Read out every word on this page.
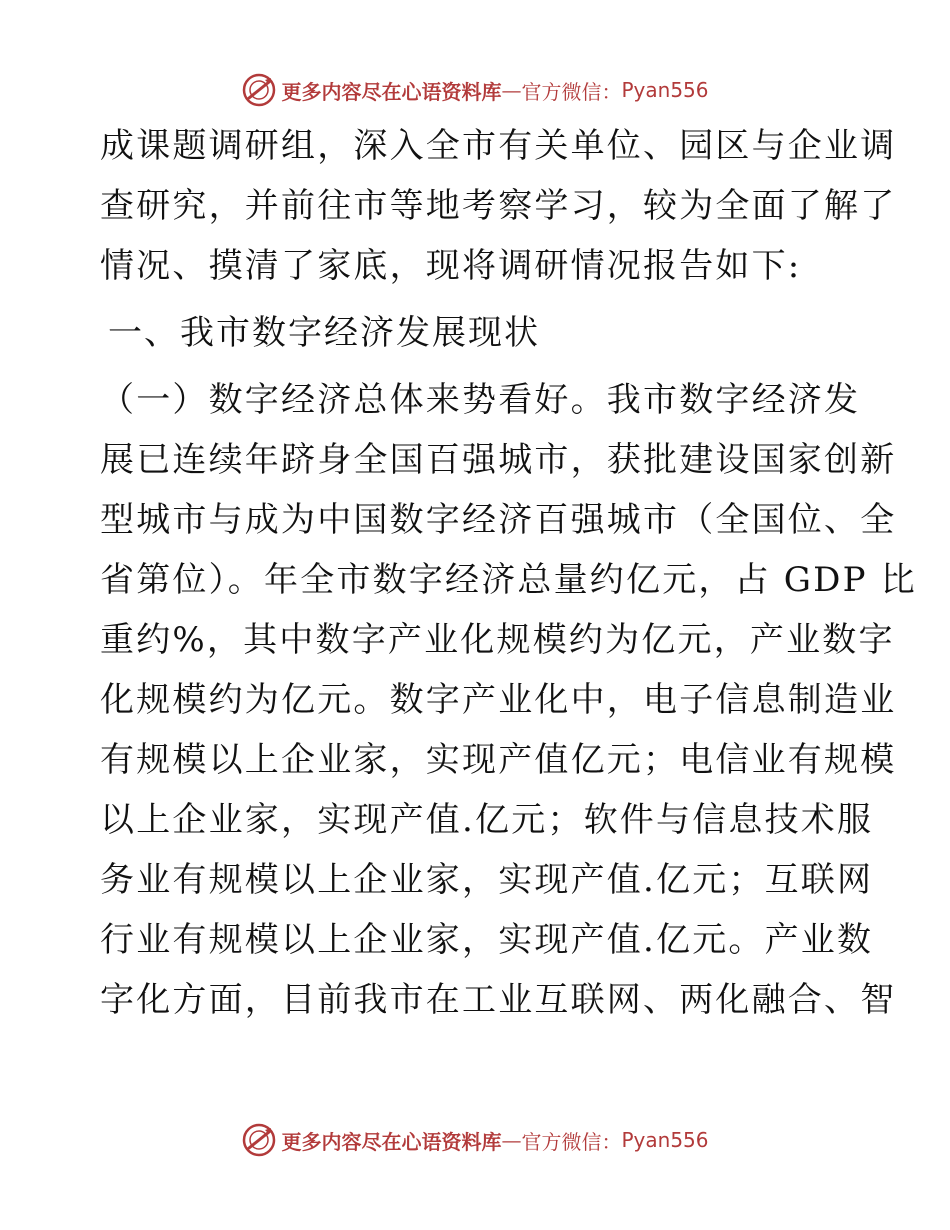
更多内容尽在心语资料库 — 官方微信： Pyan556
成课题调研组，深入全市有关单位、园区与企业调
查研究，并前往市等地考察学习，较为全面了解了
情况、摸清了家底，现将调研情况报告如下:
一、我市数字经济发展现状
（一）数字经济总体来势看好。我市数字经济发
展已连续年跻身全国百强城市，获批建设国家创新
型城市与成为中国数字经济百强城市（全国位、全
省第位）。年全市数字经济总量约亿元，占 GDP 比
重约%，其中数字产业化规模约为亿元，产业数字
化规模约为亿元。数字产业化中，电子信息制造业
有规模以上企业家，实现产值亿元；电信业有规模
以上企业家，实现产值.亿元；软件与信息技术服
务业有规模以上企业家，实现产值.亿元；互联网
行业有规模以上企业家，实现产值.亿元。产业数
字化方面，目前我市在工业互联网、两化融合、智
更多内容尽在心语资料库 — 官方微信： Pyan556
